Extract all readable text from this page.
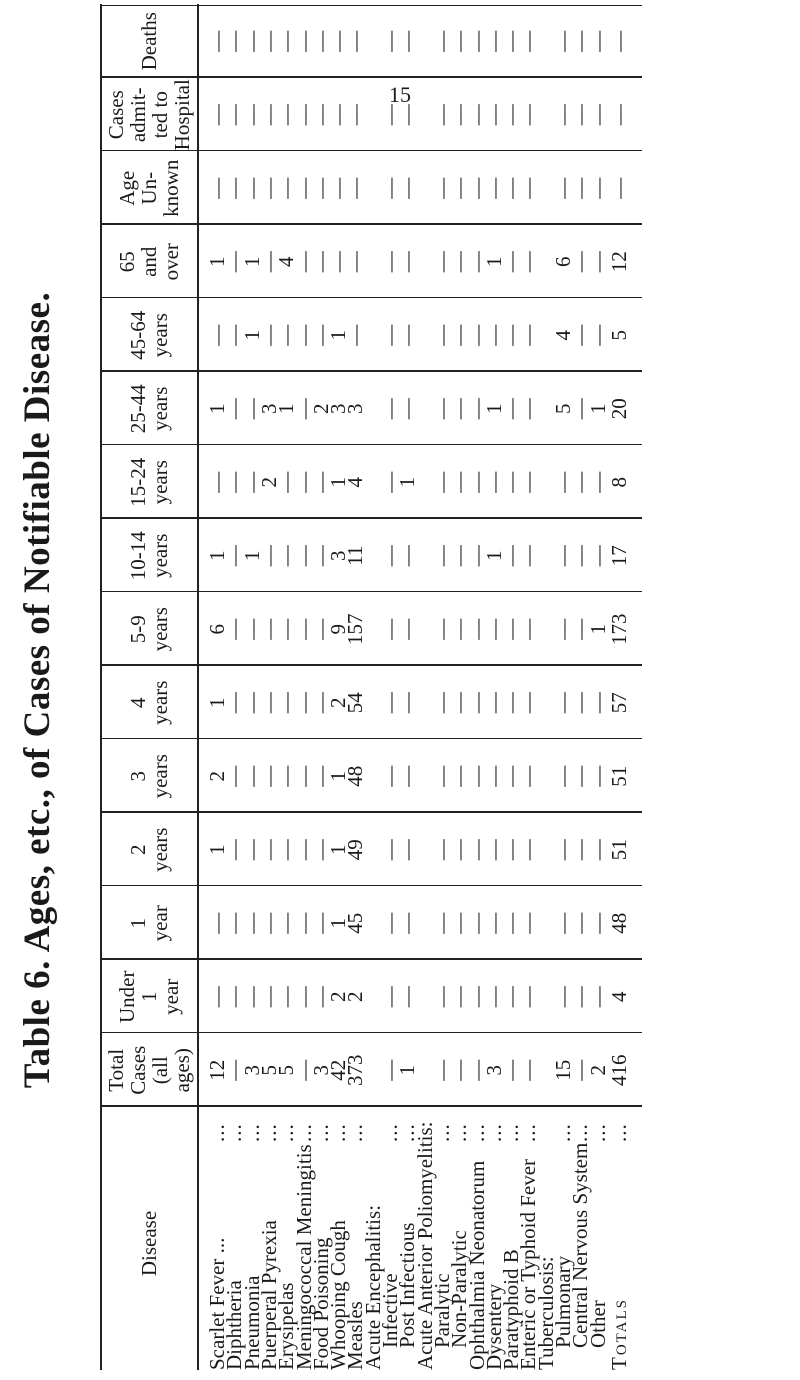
15
Table 6. Ages, etc., of Cases of Notifiable Disease.
Disease
Total
Cases
(all
ages)
Under
1
year
1
year
2
years
3
years
4
years
5-9
years
10-14
years
15-24
years
25-44
years
45-64
years
65
and
over
Age
Un-
known
Cases
admit-
ted to
Hospital
Deaths
Scarlet Fever ...
...
12
—
—
1
2
1
6
1
—
1
—
1
—
—
—
Diphtheria
...
—
—
—
—
—
—
—
—
—
—
—
—
—
—
—
Pneumonia
...
3
—
—
—
—
—
—
1
—
—
1
1
—
—
—
Puerperal Pyrexia
...
5
—
—
—
—
—
—
—
2
3
—
—
—
—
—
Erysipelas
...
5
—
—
—
—
—
—
—
—
1
—
4
—
—
—
Meningococcal Meningitis
...
—
—
—
—
—
—
—
—
—
—
—
—
—
—
—
Food Poisoning
...
3
—
—
—
—
—
—
—
—
2
—
—
—
—
—
Whooping Cough
...
42
2
1
1
1
2
9
3
1
3
1
—
—
—
—
Measles
...
373
2
45
49
48
54
157
11
4
3
—
—
—
—
—
Acute Encephalitis:
Infective
...
—
—
—
—
—
—
—
—
—
—
—
—
—
—
—
Post Infectious
...
1
—
—
—
—
—
—
—
1
—
—
—
—
—
—
Acute Anterior Poliomyelitis:
Paralytic
...
—
—
—
—
—
—
—
—
—
—
—
—
—
—
—
Non-Paralytic
...
—
—
—
—
—
—
—
—
—
—
—
—
—
—
—
Ophthalmia Neonatorum
...
—
—
—
—
—
—
—
—
—
—
—
—
—
—
—
Dysentery
...
3
—
—
—
—
—
—
1
—
1
—
1
—
—
—
Paratyphoid B
...
—
—
—
—
—
—
—
—
—
—
—
—
—
—
—
Enteric or Typhoid Fever
...
—
—
—
—
—
—
—
—
—
—
—
—
—
—
—
Tuberculosis:
Pulmonary
...
15
—
—
—
—
—
—
—
—
5
4
6
—
—
—
Central Nervous System
...
—
—
—
—
—
—
—
—
—
—
—
—
—
—
—
Other
...
2
—
—
—
—
—
1
—
—
1
—
—
—
—
—
Totals
...
416
4
48
51
51
57
173
17
8
20
5
12
—
—
—
